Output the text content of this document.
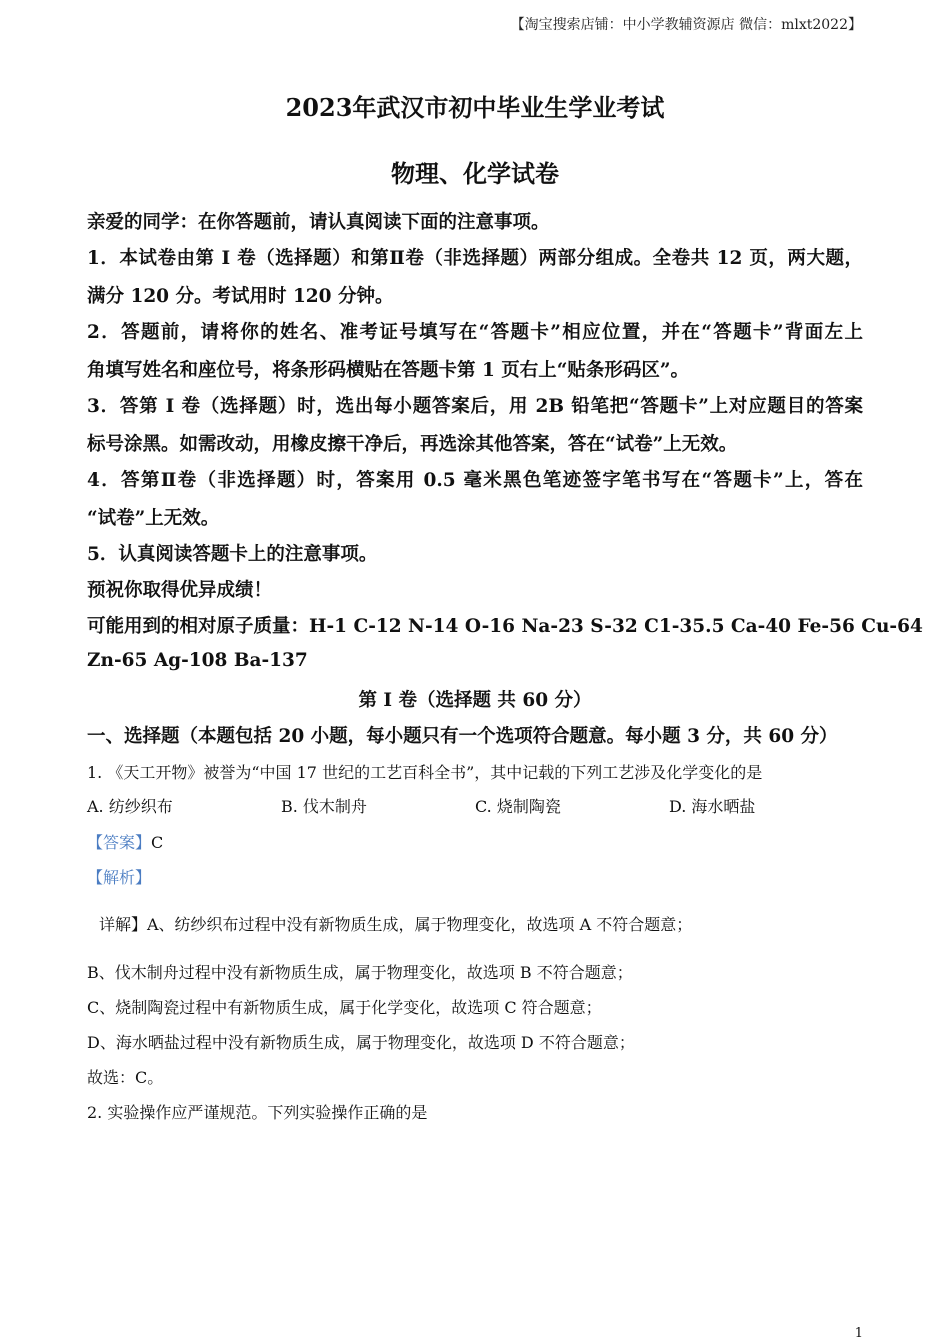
【淘宝搜索店铺：中小学教辅资源店 微信：mlxt2022】
2023年武汉市初中毕业生学业考试
物理、化学试卷
亲爱的同学：在你答题前，请认真阅读下面的注意事项。
1．本试卷由第 I 卷（选择题）和第Ⅱ卷（非选择题）两部分组成。全卷共 12 页，两大题，
满分 120 分。考试用时 120 分钟。
2．答题前，请将你的姓名、准考证号填写在“答题卡”相应位置，并在“答题卡”背面左上
角填写姓名和座位号，将条形码横贴在答题卡第 1 页右上“贴条形码区”。
3．答第 I 卷（选择题）时，选出每小题答案后，用 2B 铅笔把“答题卡”上对应题目的答案
标号涂黑。如需改动，用橡皮擦干净后，再选涂其他答案，答在“试卷”上无效。
4．答第Ⅱ卷（非选择题）时，答案用 0.5 毫米黑色笔迹签字笔书写在“答题卡”上，答在
“试卷”上无效。
5．认真阅读答题卡上的注意事项。
预祝你取得优异成绩！
可能用到的相对原子质量：H-1 C-12 N-14 O-16 Na-23 S-32 C1-35.5 Ca-40 Fe-56 Cu-64
Zn-65 Ag-108 Ba-137
第 I 卷（选择题 共 60 分）
一、选择题（本题包括 20 小题，每小题只有一个选项符合题意。每小题 3 分，共 60 分）
1. 《天工开物》被誉为“中国 17 世纪的工艺百科全书”，其中记载的下列工艺涉及化学变化的是
A. 纺纱织布	B. 伐木制舟	C. 烧制陶瓷	D. 海水晒盐
【答案】C
【解析】
详解】A、纺纱织布过程中没有新物质生成，属于物理变化，故选项 A 不符合题意；
B、伐木制舟过程中没有新物质生成，属于物理变化，故选项 B 不符合题意；
C、烧制陶瓷过程中有新物质生成，属于化学变化，故选项 C 符合题意；
D、海水晒盐过程中没有新物质生成，属于物理变化，故选项 D 不符合题意；
故选：C。
2. 实验操作应严谨规范。下列实验操作正确的是
1
